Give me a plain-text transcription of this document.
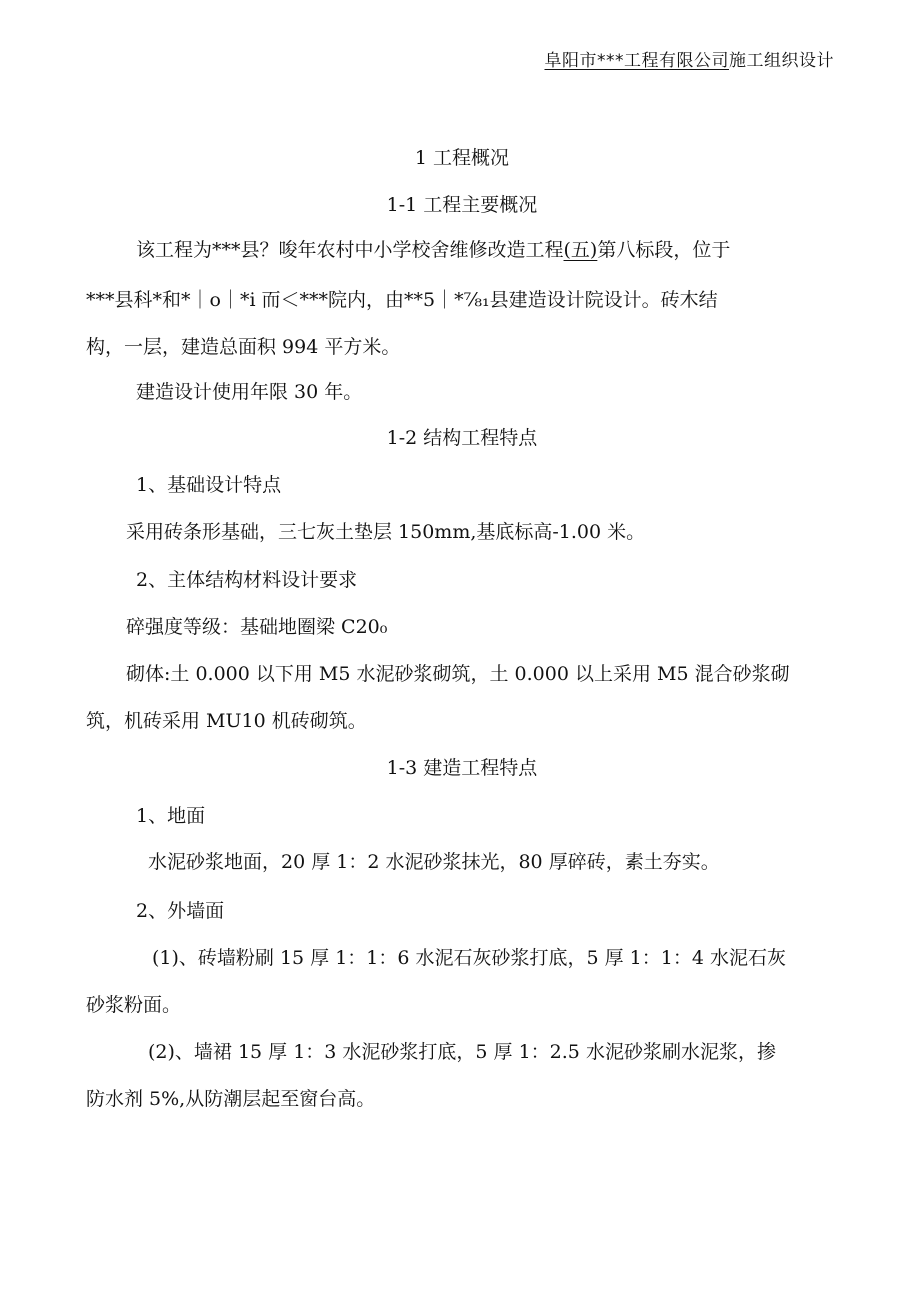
阜阳市***工程有限公司施工组织设计
1 工程概况
1-1 工程主要概况
该工程为***县？唆年农村中小学校舍维修改造工程(五)第八标段，位于
***县科*和*｜o｜*i 而＜***院内，由**5｜*⅞₁县建造设计院设计。砖木结
构，一层，建造总面积 994 平方米。
建造设计使用年限 30 年。
1-2 结构工程特点
1、基础设计特点
采用砖条形基础，三七灰土垫层 150mm,基底标高-1.00 米。
2、主体结构材料设计要求
碎强度等级：基础地圈梁 C20₀
砌体:土 0.000 以下用 M5 水泥砂浆砌筑，土 0.000 以上采用 M5 混合砂浆砌
筑，机砖采用 MU10 机砖砌筑。
1-3 建造工程特点
1、地面
水泥砂浆地面，20 厚 1：2 水泥砂浆抹光，80 厚碎砖，素土夯实。
2、外墙面
(1)、砖墙粉刷 15 厚 1：1：6 水泥石灰砂浆打底，5 厚 1：1：4 水泥石灰
砂浆粉面。
(2)、墙裙 15 厚 1：3 水泥砂浆打底，5 厚 1：2.5 水泥砂浆刷水泥浆，掺
防水剂 5%,从防潮层起至窗台高。
